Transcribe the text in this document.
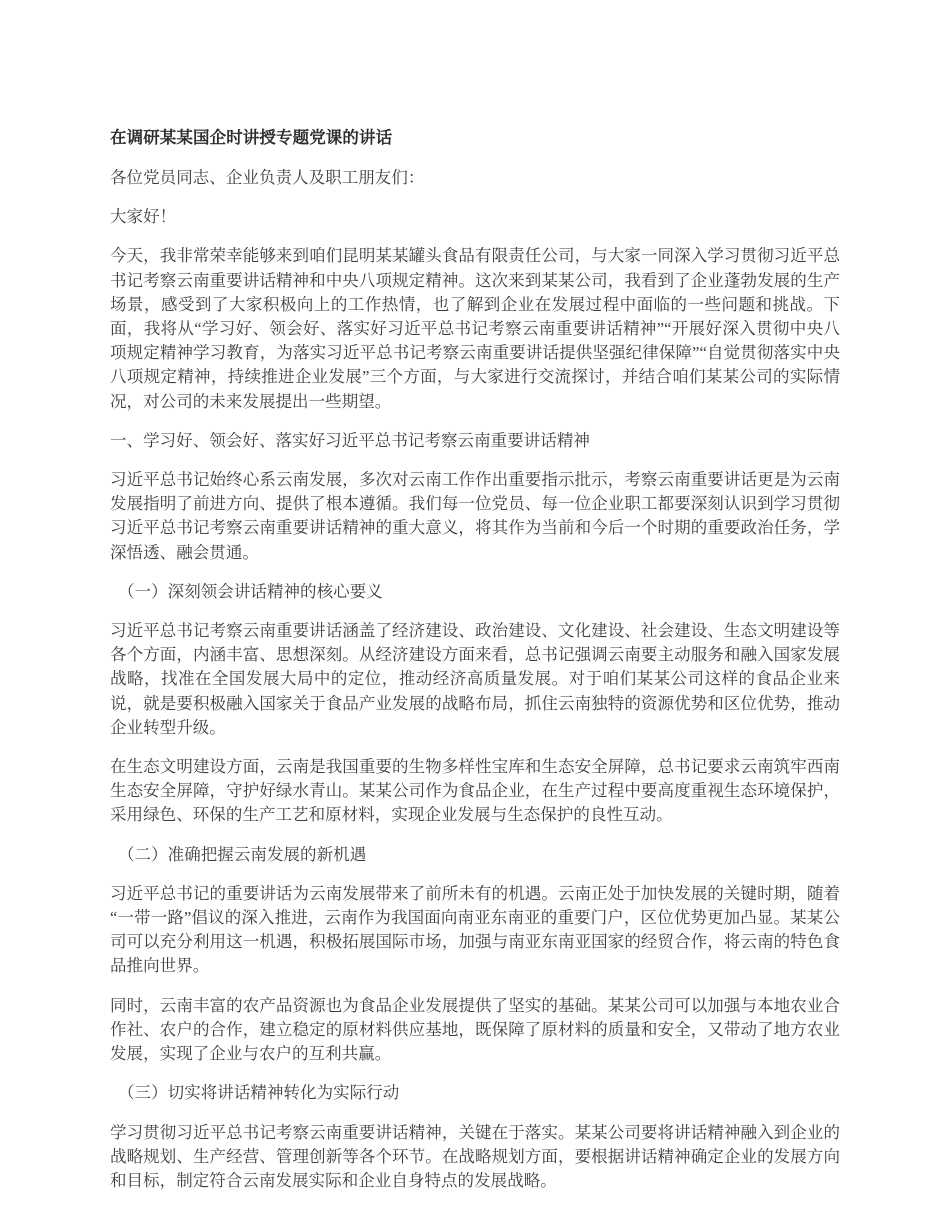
在调研某某国企时讲授专题党课的讲话

各位党员同志、企业负责人及职工朋友们：

大家好！

今天，我非常荣幸能够来到咱们昆明某某罐头食品有限责任公司，与大家一同深入学习贯彻习近平总书记考察云南重要讲话精神和中央八项规定精神。这次来到某某公司，我看到了企业蓬勃发展的生产场景，感受到了大家积极向上的工作热情，也了解到企业在发展过程中面临的一些问题和挑战。下面，我将从“学习好、领会好、落实好习近平总书记考察云南重要讲话精神”“开展好深入贯彻中央八项规定精神学习教育，为落实习近平总书记考察云南重要讲话提供坚强纪律保障”“自觉贯彻落实中央八项规定精神，持续推进企业发展”三个方面，与大家进行交流探讨，并结合咱们某某公司的实际情况，对公司的未来发展提出一些期望。

一、学习好、领会好、落实好习近平总书记考察云南重要讲话精神

习近平总书记始终心系云南发展，多次对云南工作作出重要指示批示，考察云南重要讲话更是为云南发展指明了前进方向、提供了根本遵循。我们每一位党员、每一位企业职工都要深刻认识到学习贯彻习近平总书记考察云南重要讲话精神的重大意义，将其作为当前和今后一个时期的重要政治任务，学深悟透、融会贯通。

（一）深刻领会讲话精神的核心要义

习近平总书记考察云南重要讲话涵盖了经济建设、政治建设、文化建设、社会建设、生态文明建设等各个方面，内涵丰富、思想深刻。从经济建设方面来看，总书记强调云南要主动服务和融入国家发展战略，找准在全国发展大局中的定位，推动经济高质量发展。对于咱们某某公司这样的食品企业来说，就是要积极融入国家关于食品产业发展的战略布局，抓住云南独特的资源优势和区位优势，推动企业转型升级。

在生态文明建设方面，云南是我国重要的生物多样性宝库和生态安全屏障，总书记要求云南筑牢西南生态安全屏障，守护好绿水青山。某某公司作为食品企业，在生产过程中要高度重视生态环境保护，采用绿色、环保的生产工艺和原材料，实现企业发展与生态保护的良性互动。

（二）准确把握云南发展的新机遇

习近平总书记的重要讲话为云南发展带来了前所未有的机遇。云南正处于加快发展的关键时期，随着“一带一路”倡议的深入推进，云南作为我国面向南亚东南亚的重要门户，区位优势更加凸显。某某公司可以充分利用这一机遇，积极拓展国际市场，加强与南亚东南亚国家的经贸合作，将云南的特色食品推向世界。

同时，云南丰富的农产品资源也为食品企业发展提供了坚实的基础。某某公司可以加强与本地农业合作社、农户的合作，建立稳定的原材料供应基地，既保障了原材料的质量和安全，又带动了地方农业发展，实现了企业与农户的互利共赢。

（三）切实将讲话精神转化为实际行动

学习贯彻习近平总书记考察云南重要讲话精神，关键在于落实。某某公司要将讲话精神融入到企业的战略规划、生产经营、管理创新等各个环节。在战略规划方面，要根据讲话精神确定企业的发展方向和目标，制定符合云南发展实际和企业自身特点的发展战略。
